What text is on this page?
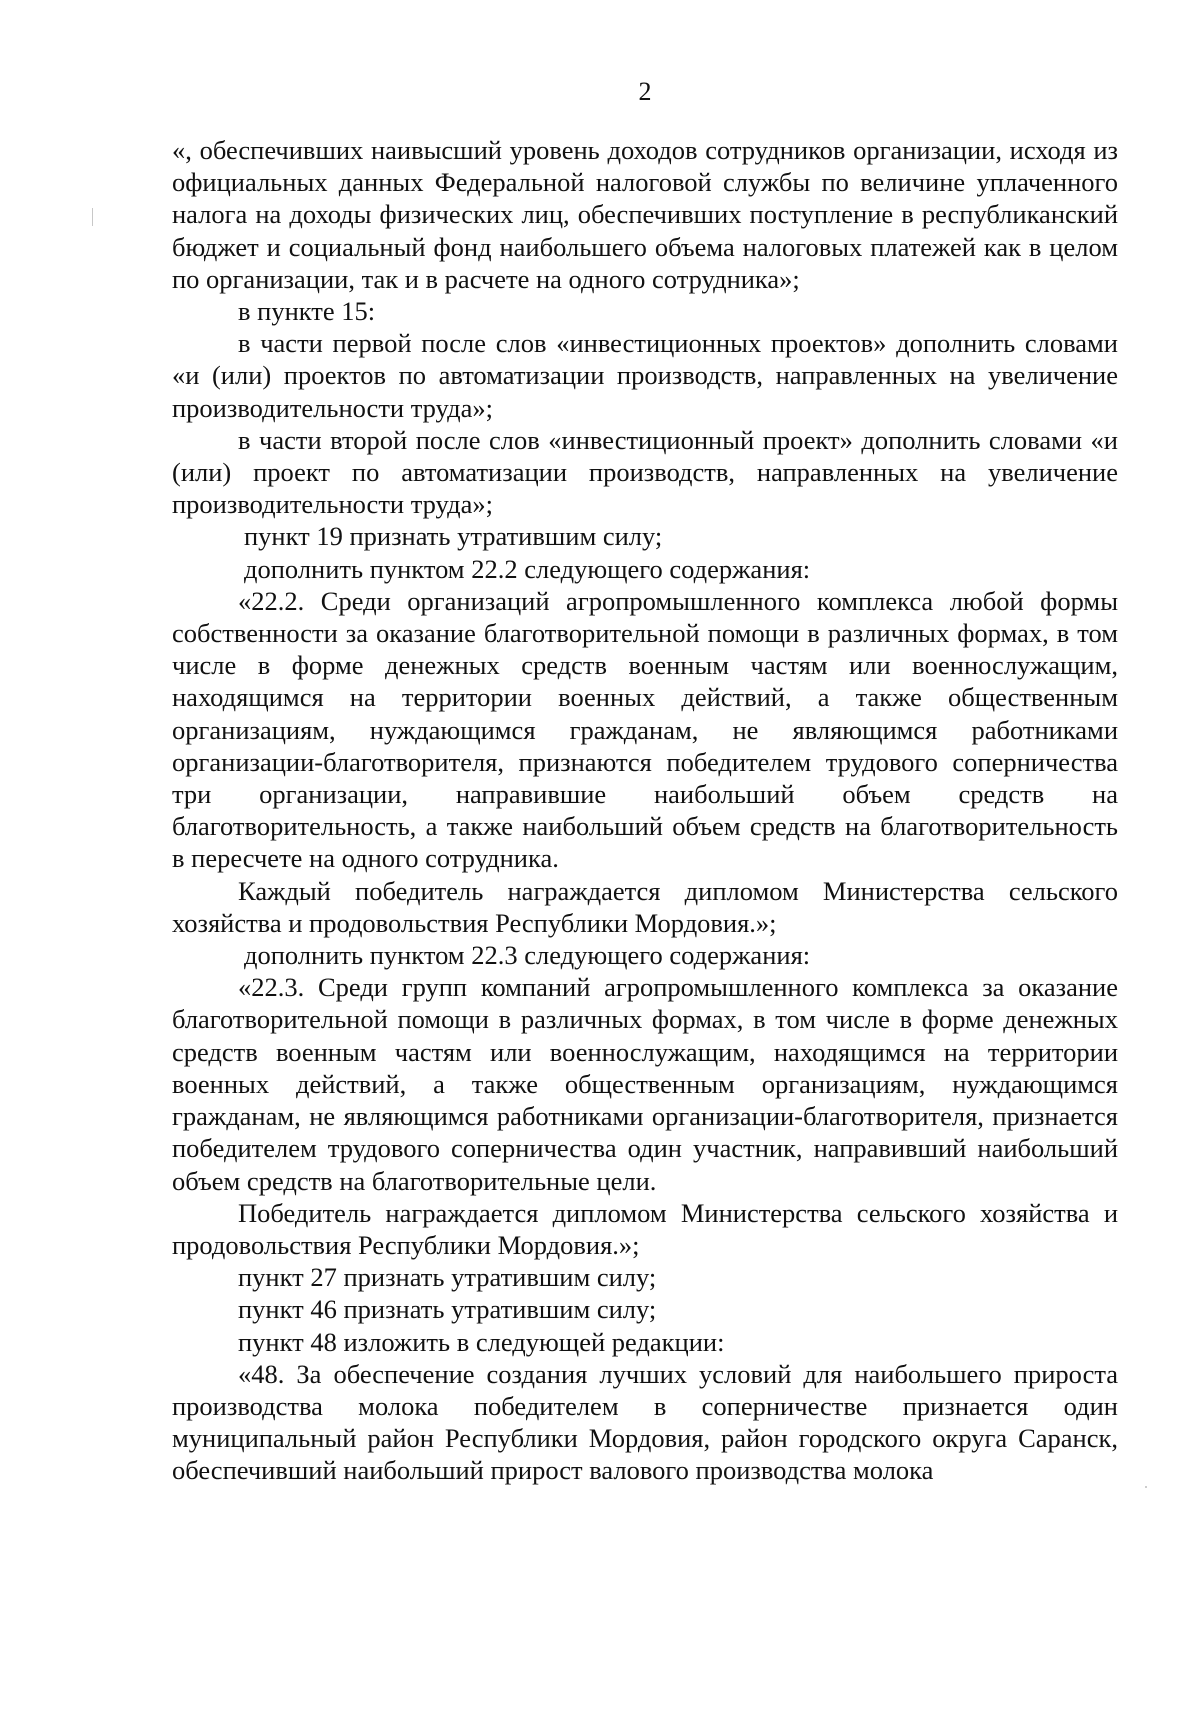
2

«, обеспечивших наивысший уровень доходов сотрудников организации, исходя из официальных данных Федеральной налоговой службы по величине уплаченного налога на доходы физических лиц, обеспечивших поступление в республиканский бюджет и социальный фонд наибольшего объема налоговых платежей как в целом по организации, так и в расчете на одного сотрудника»;

в пункте 15:

в части первой после слов «инвестиционных проектов» дополнить словами «и (или) проектов по автоматизации производств, направленных на увеличение производительности труда»;

в части второй после слов «инвестиционный проект» дополнить словами «и (или) проект по автоматизации производств, направленных на увеличение производительности труда»;

пункт 19 признать утратившим силу;

дополнить пунктом 22.2 следующего содержания:

«22.2. Среди организаций агропромышленного комплекса любой формы собственности за оказание благотворительной помощи в различных формах, в том числе в форме денежных средств военным частям или военнослужащим, находящимся на территории военных действий, а также общественным организациям, нуждающимся гражданам, не являющимся работниками организации-благотворителя, признаются победителем трудового соперничества три организации, направившие наибольший объем средств на благотворительность, а также наибольший объем средств на благотворительность в пересчете на одного сотрудника.

Каждый победитель награждается дипломом Министерства сельского хозяйства и продовольствия Республики Мордовия.»;

дополнить пунктом 22.3 следующего содержания:

«22.3. Среди групп компаний агропромышленного комплекса за оказание благотворительной помощи в различных формах, в том числе в форме денежных средств военным частям или военнослужащим, находящимся на территории военных действий, а также общественным организациям, нуждающимся гражданам, не являющимся работниками организации-благотворителя, признается победителем трудового соперничества один участник, направивший наибольший объем средств на благотворительные цели.

Победитель награждается дипломом Министерства сельского хозяйства и продовольствия Республики Мордовия.»;

пункт 27 признать утратившим силу;

пункт 46 признать утратившим силу;

пункт 48 изложить в следующей редакции:

«48. За обеспечение создания лучших условий для наибольшего прироста производства молока победителем в соперничестве признается один муниципальный район Республики Мордовия, район городского округа Саранск, обеспечивший наибольший прирост валового производства молока
